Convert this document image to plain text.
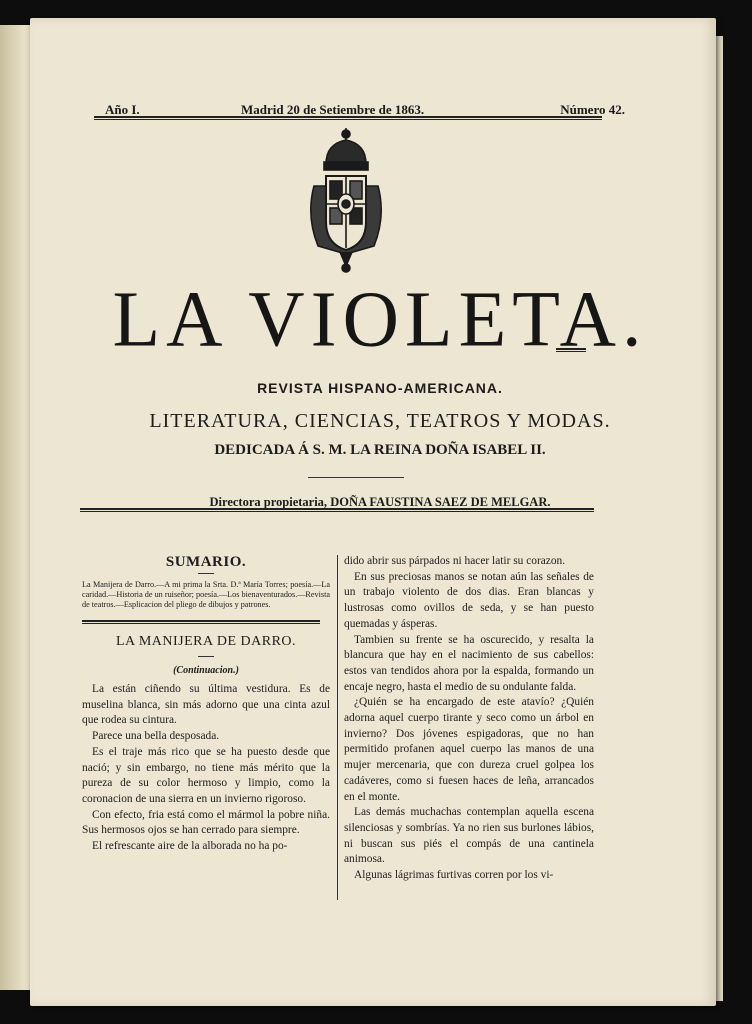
Año I.	Madrid 20 de Setiembre de 1863.	Número 42.
LA VIOLETA.
REVISTA HISPANO-AMERICANA.
LITERATURA, CIENCIAS, TEATROS Y MODAS.
DEDICADA Á S. M. LA REINA DOÑA ISABEL II.
Directora propietaria, DOÑA FAUSTINA SAEZ DE MELGAR.
SUMARIO.
La Manijera de Darro.—A mi prima la Srta. D.ª María Torres; poesía.—La caridad.—Historia de un ruiseñor; poesía.—Los bienaventurados.—Revista de teatros.—Esplicacion del pliego de dibujos y patrones.
LA MANIJERA DE DARRO.
(Continuacion.)

La están ciñendo su última vestidura. Es de muselina blanca, sin más adorno que una cinta azul que rodea su cintura.

Parece una bella desposada.

Es el traje más rico que se ha puesto desde que nació; y sin embargo, no tiene más mérito que la pureza de su color hermoso y limpio, como la coronacion de una sierra en un invierno rigoroso.

Con efecto, fria está como el mármol la pobre niña. Sus hermosos ojos se han cerrado para siempre.

El refrescante aire de la alborada no ha po-

dido abrir sus párpados ni hacer latir su corazon.

En sus preciosas manos se notan aún las señales de un trabajo violento de dos dias. Eran blancas y lustrosas como ovillos de seda, y se han puesto quemadas y ásperas.

Tambien su frente se ha oscurecido, y resalta la blancura que hay en el nacimiento de sus cabellos: estos van tendidos ahora por la espalda, formando un encaje negro, hasta el medio de su ondulante falda.

¿Quién se ha encargado de este atavío? ¿Quién adorna aquel cuerpo tirante y seco como un árbol en invierno? Dos jóvenes espigadoras, que no han permitido profanen aquel cuerpo las manos de una mujer mercenaria, que con dureza cruel golpea los cadáveres, como si fuesen haces de leña, arrancados en el monte.

Las demás muchachas contemplan aquella escena silenciosas y sombrías. Ya no rien sus burlones lábios, ni buscan sus piés el compás de una cantinela animosa.

Algunas lágrimas furtivas corren por los vi-
